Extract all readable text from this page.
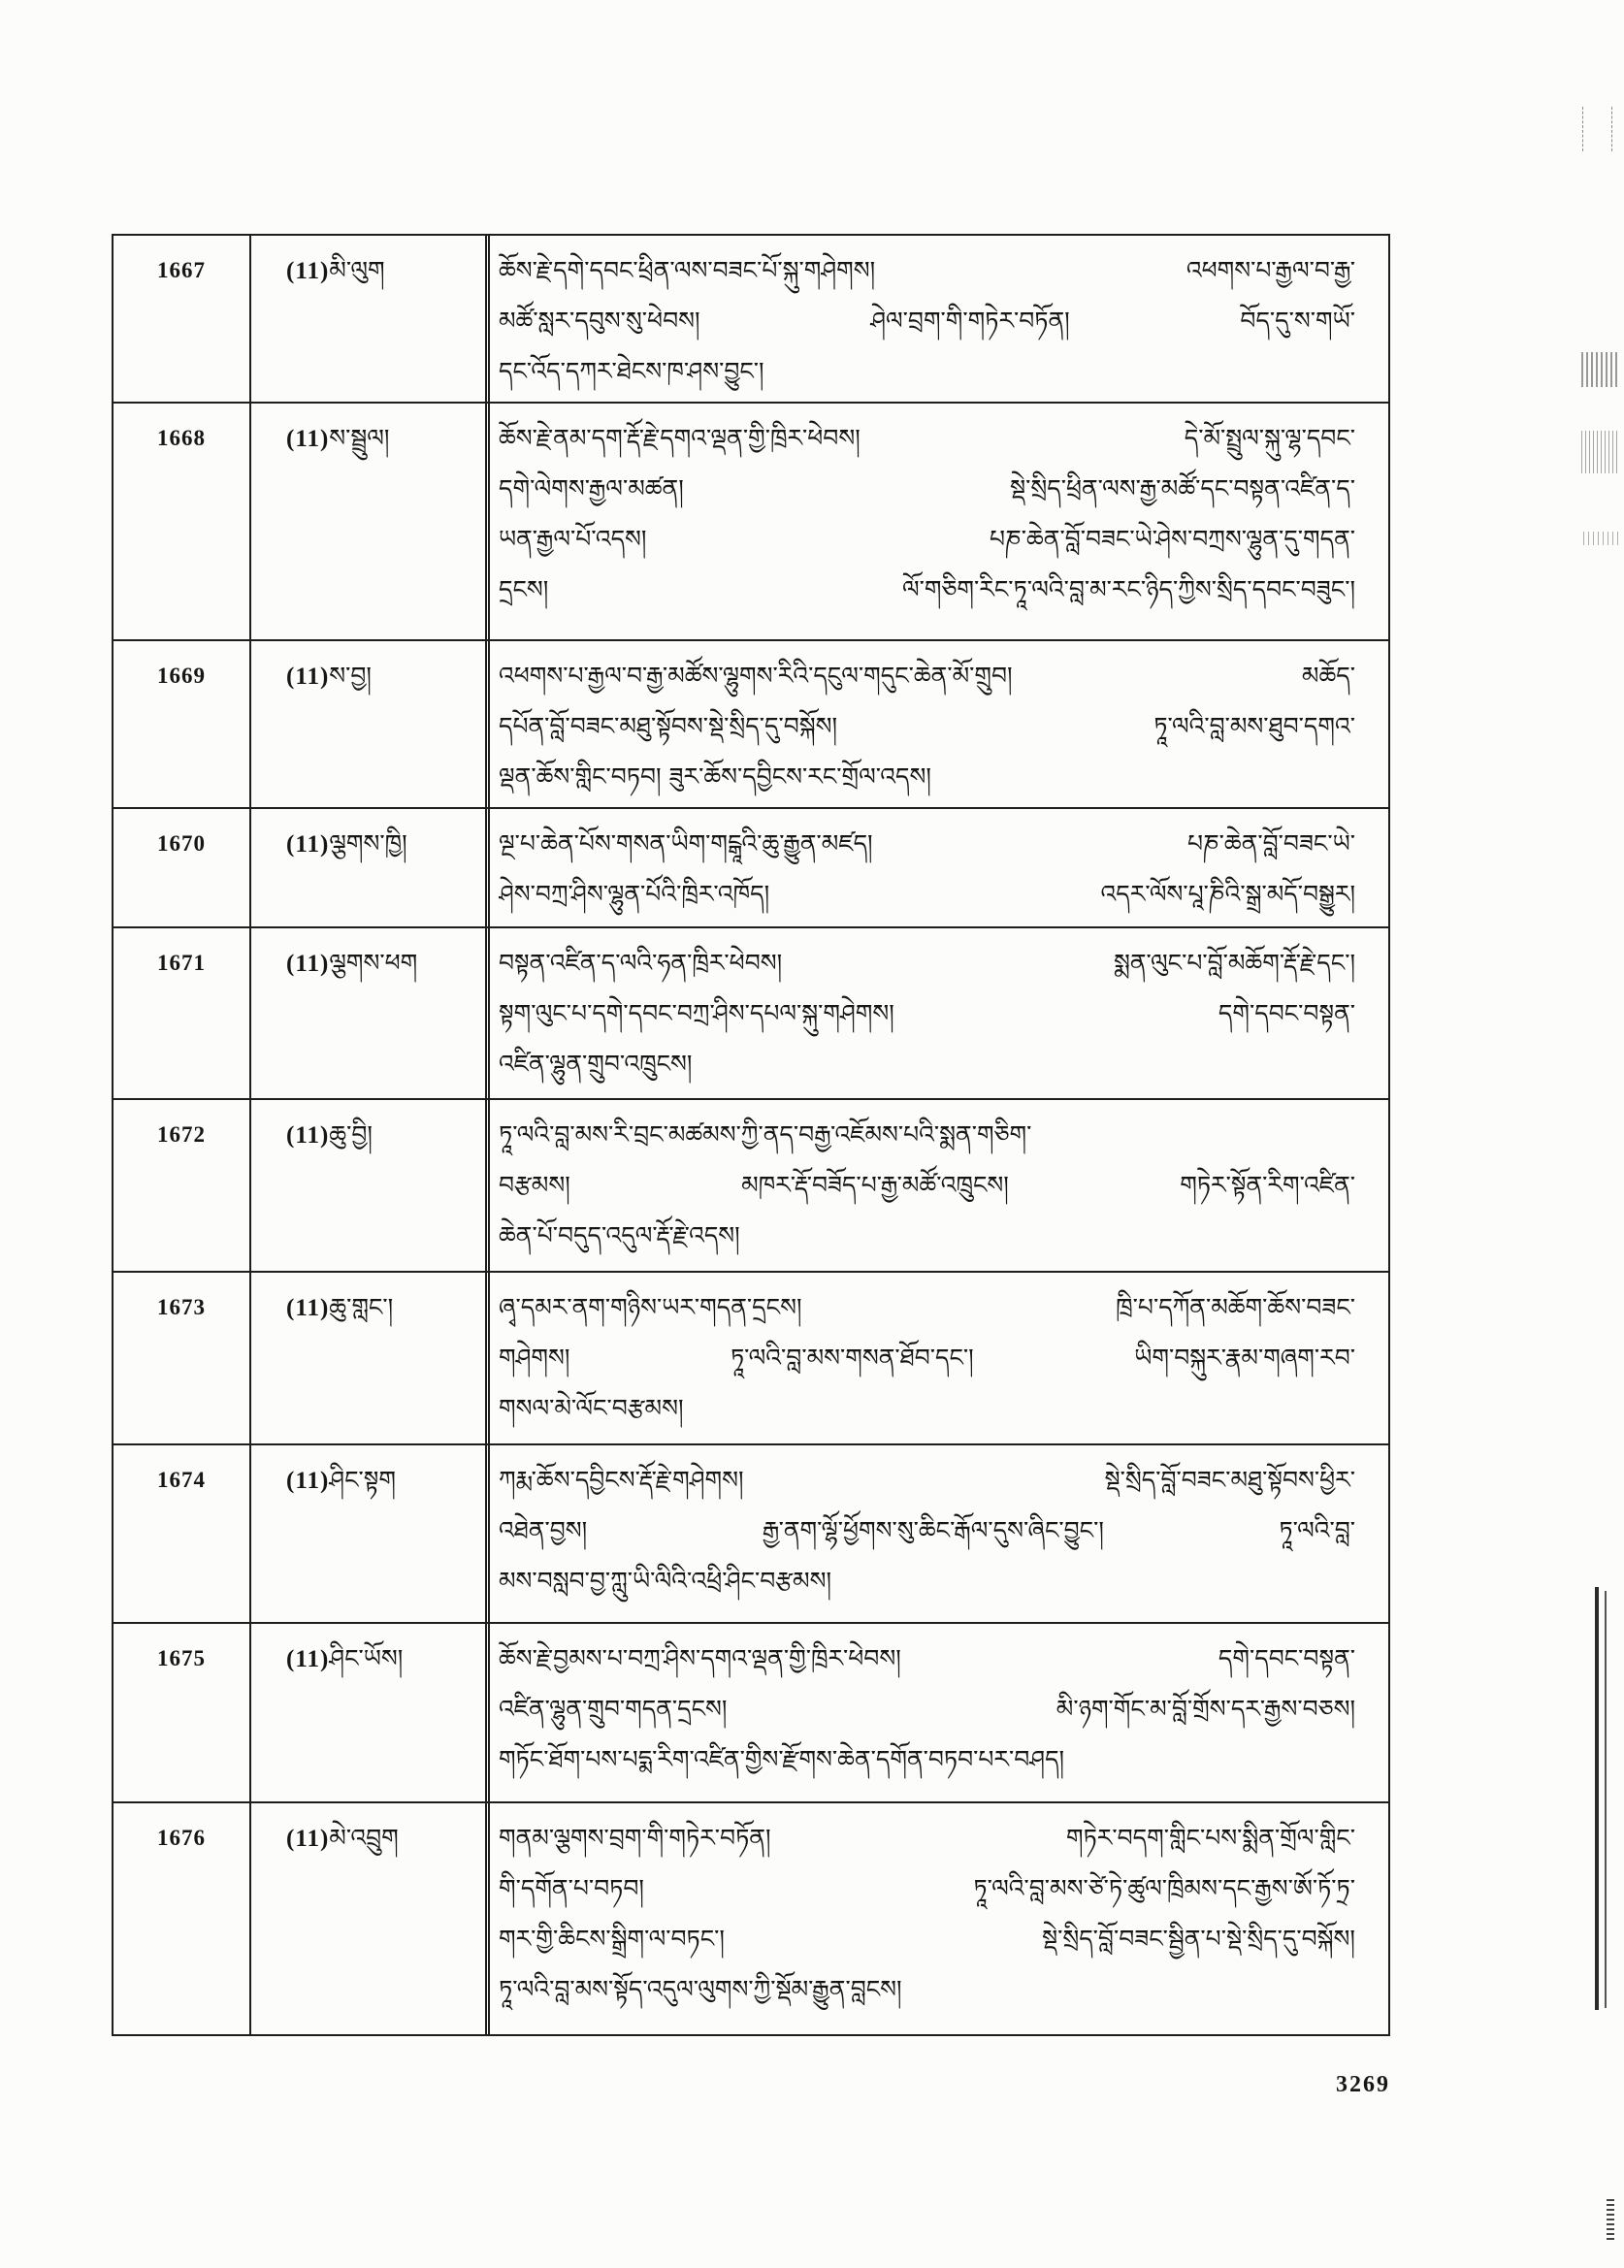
1667	(11)མི་ལུག	ཆོས་རྗེ་དགེ་དབང་ཕྲིན་ལས་བཟང་པོ་སྐུ་གཤེགས། འཕགས་པ་རྒྱལ་བ་རྒྱ་
མཚོ་སླར་དབུས་སུ་ཕེབས། ཤེལ་བྲག་གི་གཏེར་བཏོན། བོད་དུ་ས་གཡོ་
དང་འོད་དཀར་ཐེངས་ཁ་ཤས་བྱུང་།
1668	(11)ས་སྦྲུལ།	ཆོས་རྗེ་ནམ་དག་རྡོ་རྗེ་དགའ་ལྡན་གྱི་ཁྲིར་ཕེབས། དེ་མོ་སྤྲུལ་སྐུ་ལྷ་དབང་
དགེ་ལེགས་རྒྱལ་མཚན། སྡེ་སྲིད་ཕྲིན་ལས་རྒྱ་མཚོ་དང་བསྟན་འཛིན་ད་
ཡན་རྒྱལ་པོ་འདས། པཎ་ཆེན་བློ་བཟང་ཡེ་ཤེས་བཀྲས་ལྷུན་དུ་གདན་
དྲངས། ལོ་གཅིག་རིང་ཏཱ་ལའི་བླ་མ་རང་ཉིད་ཀྱིས་སྲིད་དབང་བཟུང་།
1669	(11)ས་བྱ།	འཕགས་པ་རྒྱལ་བ་རྒྱ་མཚོས་ལྷུགས་རིའི་དངུལ་གདུང་ཆེན་མོ་གྲུབ། མཆོད་
དཔོན་བློ་བཟང་མཐུ་སྟོབས་སྡེ་སྲིད་དུ་བསྐོས། ཏཱ་ལའི་བླ་མས་ཐུབ་དགའ་
ལྡན་ཆོས་གླིང་བཏབ། ཟུར་ཆོས་དབྱིངས་རང་གྲོལ་འདས།
1670	(11)ལྕགས་ཁྱི།	ལྔ་པ་ཆེན་པོས་གསན་ཡིག་གངྒཱའི་ཆུ་རྒྱུན་མཛད། པཎ་ཆེན་བློ་བཟང་ཡེ་
ཤེས་བཀྲ་ཤིས་ལྷུན་པོའི་ཁྲིར་འཁོད། འདར་ལོས་པཱ་ཎིའི་སྒྲ་མདོ་བསྒྱུར།
1671	(11)ལྕགས་ཕག	བསྟན་འཛིན་ད་ལའི་ཧན་ཁྲིར་ཕེབས། སྨན་ལུང་པ་བློ་མཆོག་རྡོ་རྗེ་དང་།
སྟག་ལུང་པ་དགེ་དབང་བཀྲ་ཤིས་དཔལ་སྐུ་གཤེགས། དགེ་དབང་བསྟན་
འཛིན་ལྷུན་གྲུབ་འཁྲུངས།
1672	(11)ཆུ་བྱི།	ཏཱ་ལའི་བླ་མས་རི་བྲང་མཚམས་ཀྱི་ནད་བརྒྱ་འཇོམས་པའི་སྨན་གཅིག་
བརྩམས། མཁར་རྡོ་བཟོད་པ་རྒྱ་མཚོ་འཁྲུངས། གཏེར་སྟོན་རིག་འཛིན་
ཆེན་པོ་བདུད་འདུལ་རྡོ་རྗེ་འདས།
1673	(11)ཆུ་གླང་།	ཞྭ་དམར་ནག་གཉིས་ཡར་གདན་དྲངས། ཁྲི་པ་དཀོན་མཆོག་ཆོས་བཟང་
གཤེགས། ཏཱ་ལའི་བླ་མས་གསན་ཐོབ་དང་། ཡིག་བསྐུར་རྣམ་གཞག་རབ་
གསལ་མེ་ལོང་བརྩམས།
1674	(11)ཤིང་སྟག	ཀརྨ་ཆོས་དབྱིངས་རྡོ་རྗེ་གཤེགས། སྡེ་སྲིད་བློ་བཟང་མཐུ་སྟོབས་ཕྱིར་
འཐེན་བྱས། རྒྱ་ནག་ལྷོ་ཕྱོགས་སུ་ཆིང་རྒོལ་དུས་ཞིང་བྱུང་། ཏཱ་ལའི་བླ་
མས་བསླབ་བྱ་ཀླུ་ཡི་ལིའི་འཕྲི་ཤིང་བརྩམས།
1675	(11)ཤིང་ཡོས།	ཆོས་རྗེ་བྱམས་པ་བཀྲ་ཤིས་དགའ་ལྡན་གྱི་ཁྲིར་ཕེབས། དགེ་དབང་བསྟན་
འཛིན་ལྷུན་གྲུབ་གདན་དྲངས། མི་ཉག་གོང་མ་བློ་གྲོས་དར་རྒྱས་བཅས།
གཏོང་ཐོག་པས་པདྨ་རིག་འཛིན་གྱིས་རྫོགས་ཆེན་དགོན་བཏབ་པར་བཤད།
1676	(11)མེ་འབྲུག	གནམ་ལྕགས་བྲག་གི་གཏེར་བཏོན། གཏེར་བདག་གླིང་པས་སྨིན་གྲོལ་གླིང་
གི་དགོན་པ་བཏབ། ཏཱ་ལའི་བླ་མས་ཙེ་ཏེ་ཚུལ་ཁྲིམས་དང་རྒྱས་ཨོ་ཏོ་ཏྲ་
གར་གྱི་ཆིངས་སྒྲིག་ལ་བཏང་། སྡེ་སྲིད་བློ་བཟང་སྦྱིན་པ་སྡེ་སྲིད་དུ་བསྐོས།
ཏཱ་ལའི་བླ་མས་སྟོད་འདུལ་ལུགས་ཀྱི་སྡོམ་རྒྱུན་བླངས།
3269
